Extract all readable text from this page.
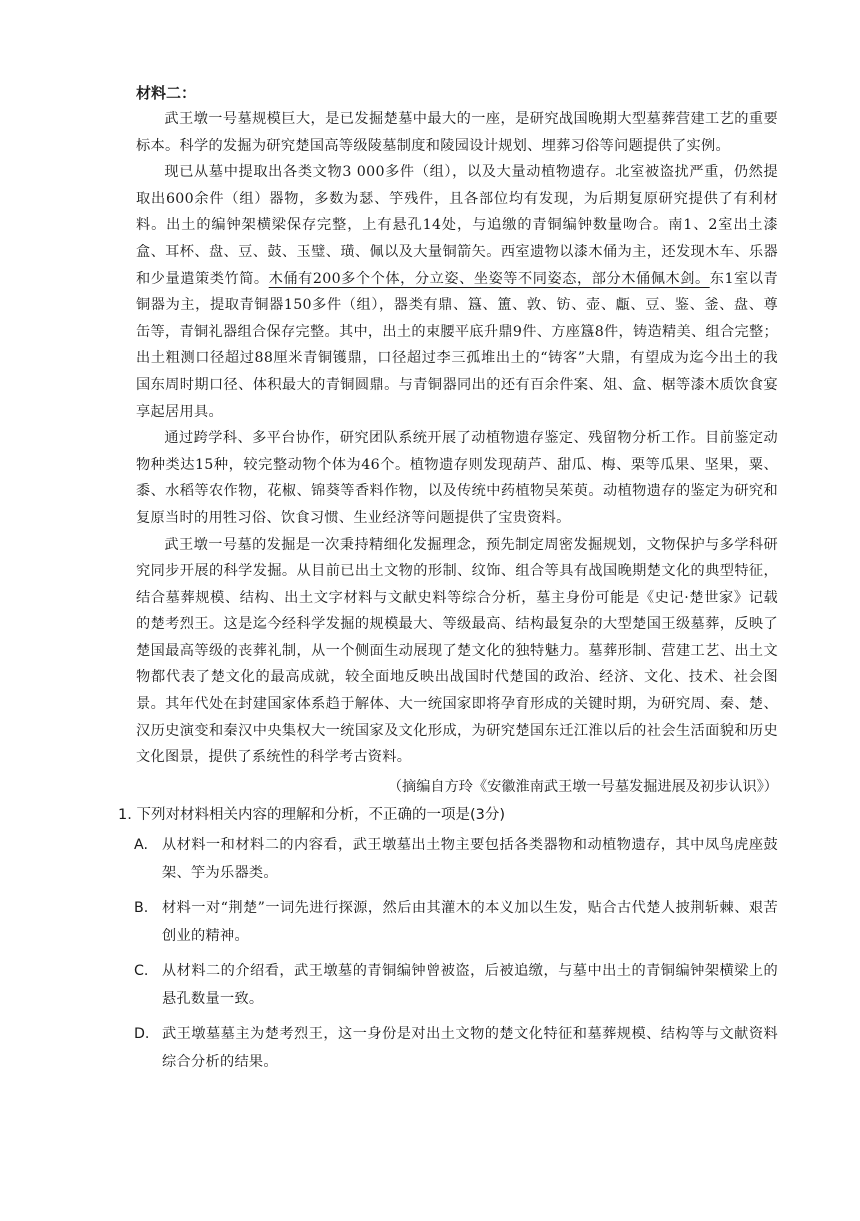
材料二：

武王墩一号墓规模巨大，是已发掘楚墓中最大的一座，是研究战国晚期大型墓葬营建工艺的重要标本。科学的发掘为研究楚国高等级陵墓制度和陵园设计规划、埋葬习俗等问题提供了实例。

现已从墓中提取出各类文物3 000多件（组），以及大量动植物遗存。北室被盗扰严重，仍然提取出600余件（组）器物，多数为瑟、竽残件，且各部位均有发现，为后期复原研究提供了有利材料。出土的编钟架横梁保存完整，上有悬孔14处，与追缴的青铜编钟数量吻合。南1、2室出土漆盒、耳杯、盘、豆、鼓、玉璧、璜、佩以及大量铜箭矢。西室遗物以漆木俑为主，还发现木车、乐器和少量遣策类竹简。木俑有200多个个体，分立姿、坐姿等不同姿态，部分木俑佩木剑。东1室以青铜器为主，提取青铜器150多件（组），器类有鼎、簋、簠、敦、钫、壶、甗、豆、鉴、釜、盘、尊缶等，青铜礼器组合保存完整。其中，出土的束腰平底升鼎9件、方座簋8件，铸造精美、组合完整；出土粗测口径超过88厘米青铜镬鼎，口径超过李三孤堆出土的“铸客”大鼎，有望成为迄今出土的我国东周时期口径、体积最大的青铜圆鼎。与青铜器同出的还有百余件案、俎、盒、椐等漆木质饮食宴享起居用具。

通过跨学科、多平台协作，研究团队系统开展了动植物遗存鉴定、残留物分析工作。目前鉴定动物种类达15种，较完整动物个体为46个。植物遗存则发现葫芦、甜瓜、梅、栗等瓜果、坚果，粟、黍、水稻等农作物，花椒、锦葵等香料作物，以及传统中药植物吴茱萸。动植物遗存的鉴定为研究和复原当时的用牲习俗、饮食习惯、生业经济等问题提供了宝贵资料。

武王墩一号墓的发掘是一次秉持精细化发掘理念，预先制定周密发掘规划，文物保护与多学科研究同步开展的科学发掘。从目前已出土文物的形制、纹饰、组合等具有战国晚期楚文化的典型特征，结合墓葬规模、结构、出土文字材料与文献史料等综合分析，墓主身份可能是《史记·楚世家》记载的楚考烈王。这是迄今经科学发掘的规模最大、等级最高、结构最复杂的大型楚国王级墓葬，反映了楚国最高等级的丧葬礼制，从一个侧面生动展现了楚文化的独特魅力。墓葬形制、营建工艺、出土文物都代表了楚文化的最高成就，较全面地反映出战国时代楚国的政治、经济、文化、技术、社会图景。其年代处在封建国家体系趋于解体、大一统国家即将孕育形成的关键时期，为研究周、秦、楚、汉历史演变和秦汉中央集权大一统国家及文化形成，为研究楚国东迁江淮以后的社会生活面貌和历史文化图景，提供了系统性的科学考古资料。

（摘编自方玲《安徽淮南武王墩一号墓发掘进展及初步认识》）
1. 下列对材料相关内容的理解和分析，不正确的一项是(3分)
A. 从材料一和材料二的内容看，武王墩墓出土物主要包括各类器物和动植物遗存，其中凤鸟虎座鼓架、竽为乐器类。
B. 材料一对“荆楚”一词先进行探源，然后由其灌木的本义加以生发，贴合古代楚人披荆斩棘、艰苦创业的精神。
C. 从材料二的介绍看，武王墩墓的青铜编钟曾被盗，后被追缴，与墓中出土的青铜编钟架横梁上的悬孔数量一致。
D. 武王墩墓墓主为楚考烈王，这一身份是对出土文物的楚文化特征和墓葬规模、结构等与文献资料综合分析的结果。
